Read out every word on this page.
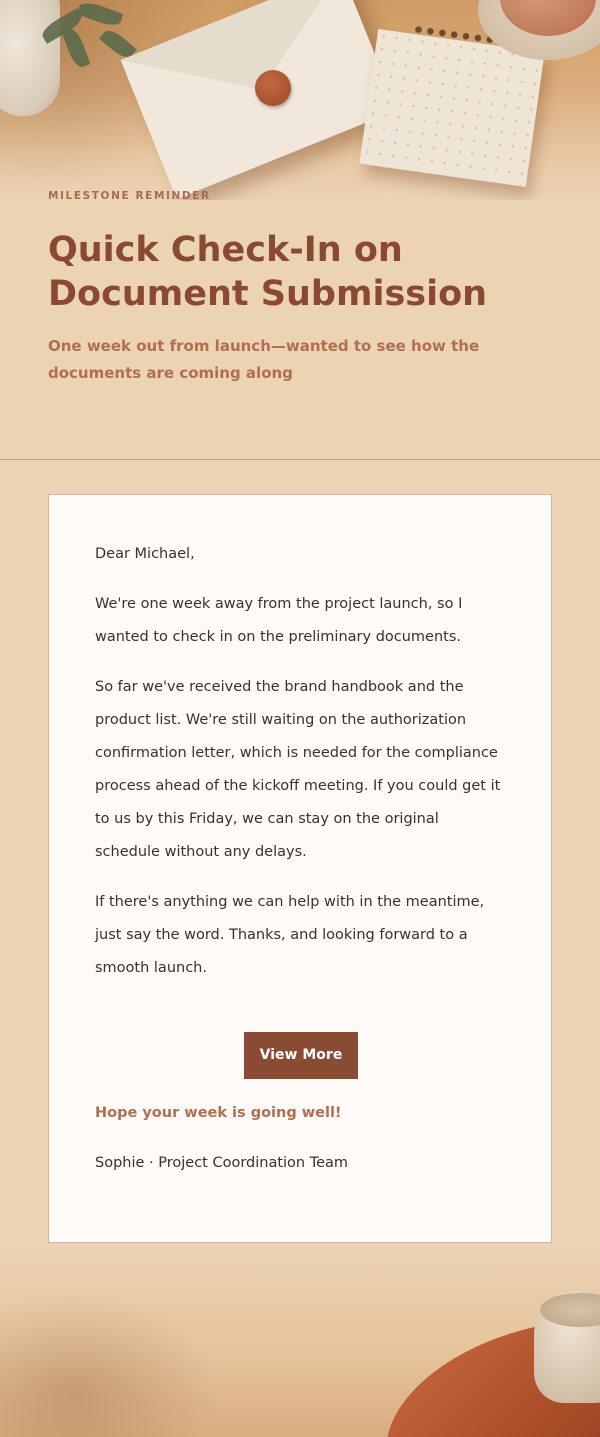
MILESTONE REMINDER
Quick Check-In on Document Submission

One week out from launch—wanted to see how the documents are coming along

Dear Michael,

We're one week away from the project launch, so I wanted to check in on the preliminary documents.

So far we've received the brand handbook and the product list. We're still waiting on the authorization confirmation letter, which is needed for the compliance process ahead of the kickoff meeting. If you could get it to us by this Friday, we can stay on the original schedule without any delays.

If there's anything we can help with in the meantime, just say the word. Thanks, and looking forward to a smooth launch.

View More

Hope your week is going well!

Sophie · Project Coordination Team
